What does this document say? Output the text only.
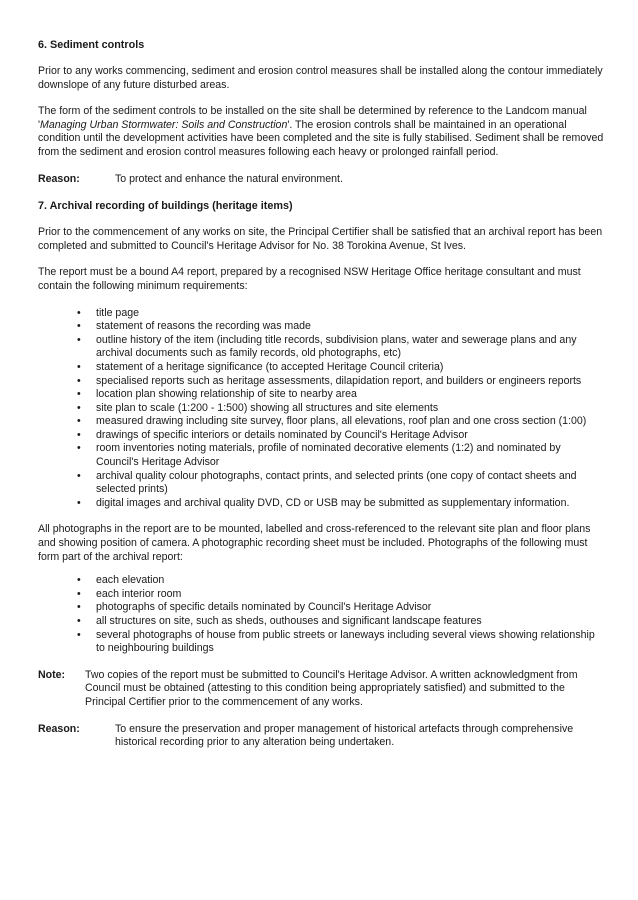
6. Sediment controls

Prior to any works commencing, sediment and erosion control measures shall be installed along the contour immediately downslope of any future disturbed areas.

The form of the sediment controls to be installed on the site shall be determined by reference to the Landcom manual 'Managing Urban Stormwater: Soils and Construction'. The erosion controls shall be maintained in an operational condition until the development activities have been completed and the site is fully stabilised. Sediment shall be removed from the sediment and erosion control measures following each heavy or prolonged rainfall period.

Reason:	To protect and enhance the natural environment.
7. Archival recording of buildings (heritage items)

Prior to the commencement of any works on site, the Principal Certifier shall be satisfied that an archival report has been completed and submitted to Council's Heritage Advisor for No. 38 Torokina Avenue, St Ives.

The report must be a bound A4 report, prepared by a recognised NSW Heritage Office heritage consultant and must contain the following minimum requirements:

• title page
• statement of reasons the recording was made
• outline history of the item (including title records, subdivision plans, water and sewerage plans and any archival documents such as family records, old photographs, etc)
• statement of a heritage significance (to accepted Heritage Council criteria)
• specialised reports such as heritage assessments, dilapidation report, and builders or engineers reports
• location plan showing relationship of site to nearby area
• site plan to scale (1:200 - 1:500) showing all structures and site elements
• measured drawing including site survey, floor plans, all elevations, roof plan and one cross section (1:00)
• drawings of specific interiors or details nominated by Council's Heritage Advisor
• room inventories noting materials, profile of nominated decorative elements (1:2) and nominated by Council's Heritage Advisor
• archival quality colour photographs, contact prints, and selected prints (one copy of contact sheets and selected prints)
• digital images and archival quality DVD, CD or USB may be submitted as supplementary information.

All photographs in the report are to be mounted, labelled and cross-referenced to the relevant site plan and floor plans and showing position of camera. A photographic recording sheet must be included. Photographs of the following must form part of the archival report:

• each elevation
• each interior room
• photographs of specific details nominated by Council's Heritage Advisor
• all structures on site, such as sheds, outhouses and significant landscape features
• several photographs of house from public streets or laneways including several views showing relationship to neighbouring buildings
Note:	Two copies of the report must be submitted to Council's Heritage Advisor. A written acknowledgment from Council must be obtained (attesting to this condition being appropriately satisfied) and submitted to the Principal Certifier prior to the commencement of any works.
Reason:	To ensure the preservation and proper management of historical artefacts through comprehensive historical recording prior to any alteration being undertaken.
